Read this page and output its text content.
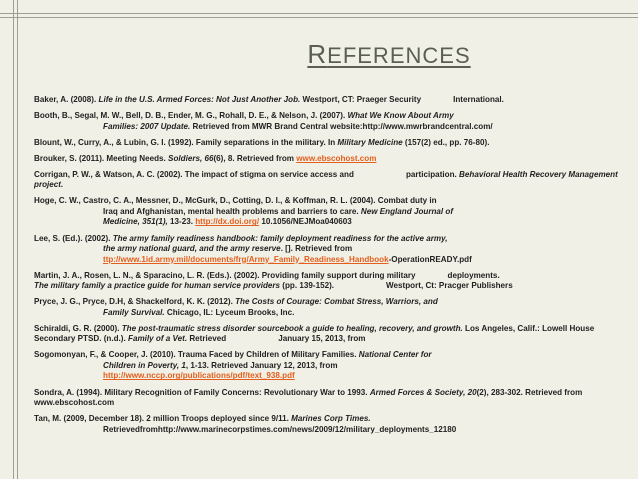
REFERENCES
Baker, A. (2008). Life in the U.S. Armed Forces: Not Just Another Job. Westport, CT: Praeger Security	International.
Booth, B., Segal, M. W., Bell, D. B., Ender, M. G., Rohall, D. E., & Nelson, J. (2007). What We Know About Army
Families: 2007 Update. Retrieved from MWR Brand Central website:http://www.mwrbrandcentral.com/
Blount, W., Curry, A., & Lubin, G. I. (1992). Family separations in the military. In Military Medicine (157(2) ed., pp. 76-80).
Brouker, S. (2011). Meeting Needs. Soldiers, 66(6), 8. Retrieved from www.ebscohost.com
Corrigan, P. W., & Watson, A. C. (2002). The impact of stigma on service access and	participation. Behavioral Health Recovery Management project.
Hoge, C. W., Castro, C. A., Messner, D., McGurk, D., Cotting, D. I., & Koffman, R. L. (2004). Combat duty in
Iraq and Afghanistan, mental health problems and barriers to care. New England Journal of
Medicine, 351(1), 13-23. http://dx.doi.org/ 10.1056/NEJMoa040603
Lee, S. (Ed.). (2002). The army family readiness handbook: family deployment readiness for the active army,
the army national guard, and the army reserve. []. Retrieved from
ttp://www.1id.army.mil/documents/frg/Army_Family_Readiness_Handbook-OperationREADY.pdf
Martin, J. A., Rosen, L. N., & Sparacino, L. R. (Eds.). (2002). Providing family support during military	deployments.
The military family a practice guide for human service providers (pp. 139-152).	Westport, Ct: Pracger Publishers
Pryce, J. G., Pryce, D.H, & Shackelford, K. K. (2012). The Costs of Courage: Combat Stress, Warriors, and
Family Survival. Chicago, IL: Lyceum Brooks, Inc.
Schiraldi, G. R. (2000). The post-traumatic stress disorder sourcebook a guide to healing, recovery, and growth. Los Angeles, Calif.: Lowell House Secondary PTSD. (n.d.). Family of a Vet. Retrieved	January 15, 2013, from
Sogomonyan, F., & Cooper, J. (2010). Trauma Faced by Children of Military Families. National Center for
Children in Poverty, 1, 1-13. Retrieved January 12, 2013, from
http://www.nccp.org/publications/pdf/text_938.pdf
Sondra, A. (1994). Military Recognition of Family Concerns: Revolutionary War to 1993. Armed Forces & Society, 20(2), 283-302. Retrieved from www.ebscohost.com
Tan, M. (2009, December 18). 2 million Troops deployed since 9/11. Marines Corp Times.
Retrievedfromhttp://www.marinecorpstimes.com/news/2009/12/military_deployments_12180
